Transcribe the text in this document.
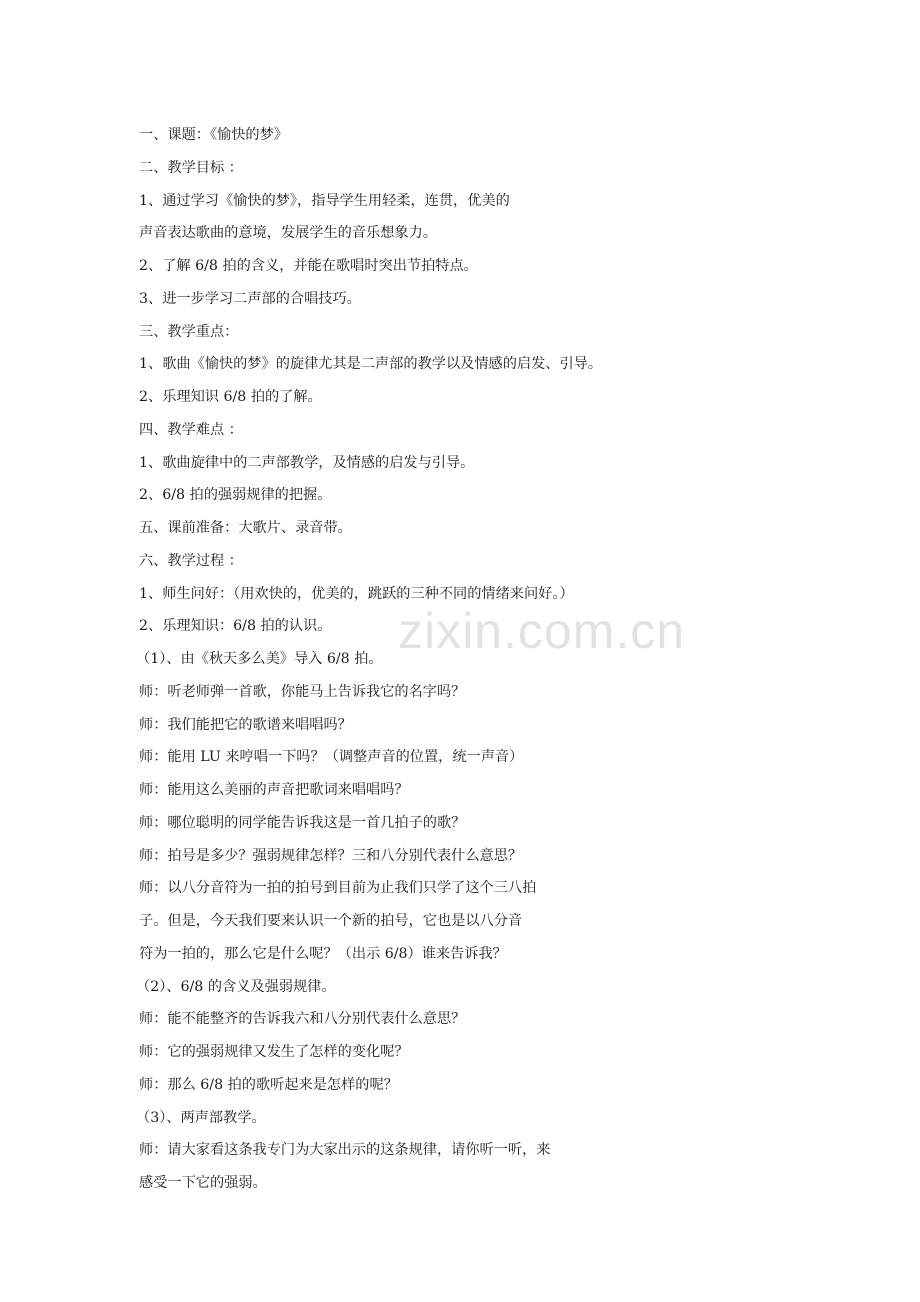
一、课题：《愉快的梦》
二、教学目标 ：
1、通过学习《愉快的梦》，指导学生用轻柔，连贯，优美的
声音表达歌曲的意境，发展学生的音乐想象力。
2、了解 6/8 拍的含义，并能在歌唱时突出节拍特点。
3、进一步学习二声部的合唱技巧。
三、教学重点：
1、歌曲《愉快的梦》的旋律尤其是二声部的教学以及情感的启发、引导。
2、乐理知识 6/8 拍的了解。
四、教学难点 ：
1、歌曲旋律中的二声部教学，及情感的启发与引导。
2、6/8 拍的强弱规律的把握。
五、课前准备：大歌片、录音带。
六、教学过程 ：
1、师生问好：（用欢快的，优美的，跳跃的三种不同的情绪来问好。）
2、乐理知识：6/8 拍的认识。
（1）、由《秋天多么美》导入 6/8 拍。
师：听老师弹一首歌，你能马上告诉我它的名字吗？
师：我们能把它的歌谱来唱唱吗？
师：能用 LU 来哼唱一下吗？（调整声音的位置，统一声音）
师：能用这么美丽的声音把歌词来唱唱吗？
师：哪位聪明的同学能告诉我这是一首几拍子的歌？
师：拍号是多少？强弱规律怎样？三和八分别代表什么意思？
师：以八分音符为一拍的拍号到目前为止我们只学了这个三八拍
子。但是，今天我们要来认识一个新的拍号，它也是以八分音
符为一拍的，那么它是什么呢？（出示 6/8）谁来告诉我？
（2）、6/8 的含义及强弱规律。
师：能不能整齐的告诉我六和八分别代表什么意思？
师：它的强弱规律又发生了怎样的变化呢？
师：那么 6/8 拍的歌听起来是怎样的呢？
（3）、两声部教学。
师：请大家看这条我专门为大家出示的这条规律，请你听一听，来
感受一下它的强弱。
zixin.com.cn
